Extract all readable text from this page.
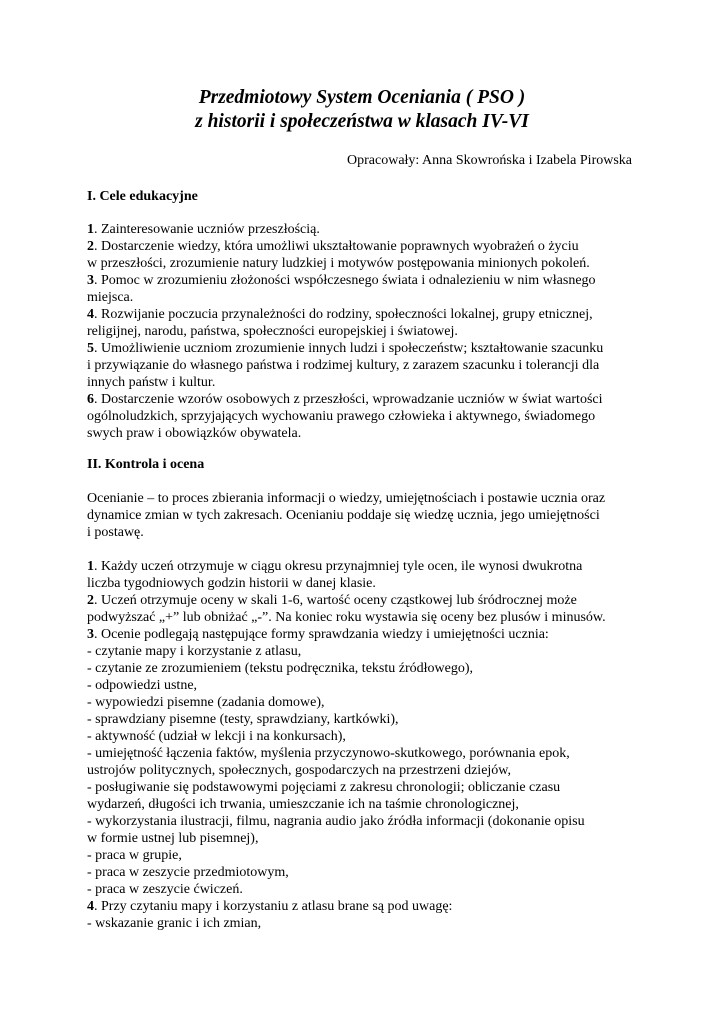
Przedmiotowy System Oceniania ( PSO )
z historii i społeczeństwa w klasach IV-VI

Opracowały: Anna Skowrońska i Izabela Pirowska

I. Cele edukacyjne
1. Zainteresowanie uczniów przeszłością.
2. Dostarczenie wiedzy, która umożliwi ukształtowanie poprawnych wyobrażeń o życiu
w przeszłości, zrozumienie natury ludzkiej i motywów postępowania minionych pokoleń.
3. Pomoc w zrozumieniu złożoności współczesnego świata i odnalezieniu w nim własnego
miejsca.
4. Rozwijanie poczucia przynależności do rodziny, społeczności lokalnej, grupy etnicznej,
religijnej, narodu, państwa, społeczności europejskiej i światowej.
5. Umożliwienie uczniom zrozumienie innych ludzi i społeczeństw; kształtowanie szacunku
i przywiązanie do własnego państwa i rodzimej kultury, z zarazem szacunku i tolerancji dla
innych państw i kultur.
6. Dostarczenie wzorów osobowych z przeszłości, wprowadzanie uczniów w świat wartości
ogólnoludzkich, sprzyjających wychowaniu prawego człowieka i aktywnego, świadomego
swych praw i obowiązków obywatela.
II. Kontrola i ocena
Ocenianie – to proces zbierania informacji o wiedzy, umiejętnościach i postawie ucznia oraz
dynamice zmian w tych zakresach. Ocenianiu poddaje się wiedzę ucznia, jego umiejętności
i postawę.
1. Każdy uczeń otrzymuje w ciągu okresu przynajmniej tyle ocen, ile wynosi dwukrotna
liczba tygodniowych godzin historii w danej klasie.
2. Uczeń otrzymuje oceny w skali 1-6, wartość oceny cząstkowej lub śródrocznej może
podwyższać „+” lub obniżać „-”. Na koniec roku wystawia się oceny bez plusów i minusów.
3. Ocenie podlegają następujące formy sprawdzania wiedzy i umiejętności ucznia:
- czytanie mapy i korzystanie z atlasu,
- czytanie ze zrozumieniem (tekstu podręcznika, tekstu źródłowego),
- odpowiedzi ustne,
- wypowiedzi pisemne (zadania domowe),
- sprawdziany pisemne (testy, sprawdziany, kartkówki),
- aktywność (udział w lekcji i na konkursach),
- umiejętność łączenia faktów, myślenia przyczynowo-skutkowego, porównania epok,
ustrojów politycznych, społecznych, gospodarczych na przestrzeni dziejów,
- posługiwanie się podstawowymi pojęciami z zakresu chronologii; obliczanie czasu
wydarzeń, długości ich trwania, umieszczanie ich na taśmie chronologicznej,
- wykorzystania ilustracji, filmu, nagrania audio jako źródła informacji (dokonanie opisu
w formie ustnej lub pisemnej),
- praca w grupie,
- praca w zeszycie przedmiotowym,
- praca w zeszycie ćwiczeń.
4. Przy czytaniu mapy i korzystaniu z atlasu brane są pod uwagę:
- wskazanie granic i ich zmian,
